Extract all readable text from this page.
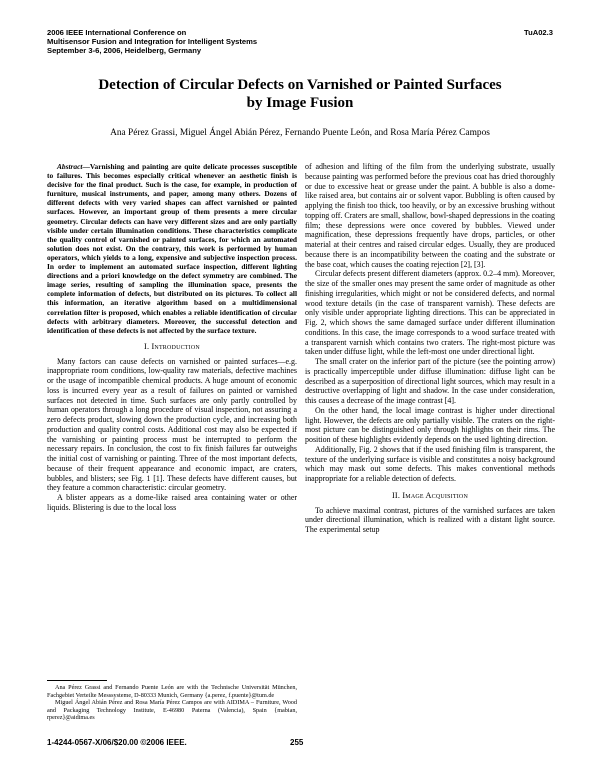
2006 IEEE International Conference on
Multisensor Fusion and Integration for Intelligent Systems
September 3-6, 2006, Heidelberg, Germany
TuA02.3
Detection of Circular Defects on Varnished or Painted Surfaces
by Image Fusion
Ana Pérez Grassi, Miguel Ángel Abián Pérez, Fernando Puente León, and Rosa María Pérez Campos

Abstract—Varnishing and painting are quite delicate processes susceptible to failures. This becomes especially critical whenever an aesthetic finish is decisive for the final product. Such is the case, for example, in production of furniture, musical instruments, and paper, among many others. Dozens of different defects with very varied shapes can affect varnished or painted surfaces. However, an important group of them presents a mere circular geometry. Circular defects can have very different sizes and are only partially visible under certain illumination conditions. These characteristics complicate the quality control of varnished or painted surfaces, for which an automated solution does not exist. On the contrary, this work is performed by human operators, which yields to a long, expensive and subjective inspection process. In order to implement an automated surface inspection, different lighting directions and a priori knowledge on the defect symmetry are combined. The image series, resulting of sampling the illumination space, presents the complete information of defects, but distributed on its pictures. To collect all this information, an iterative algorithm based on a multidimensional correlation filter is proposed, which enables a reliable identification of circular defects with arbitrary diameters. Moreover, the successful detection and identification of these defects is not affected by the surface texture.

I. Introduction

Many factors can cause defects on varnished or painted surfaces—e.g. inappropriate room conditions, low-quality raw materials, defective machines or the usage of incompatible chemical products. A huge amount of economic loss is incurred every year as a result of failures on painted or varnished surfaces not detected in time. Such surfaces are only partly controlled by human operators through a long procedure of visual inspection, not assuring a zero defects product, slowing down the production cycle, and increasing both production and quality control costs. Additional cost may also be expected if the varnishing or painting process must be interrupted to perform the necessary repairs. In conclusion, the cost to fix finish failures far outweighs the initial cost of varnishing or painting. Three of the most important defects, because of their frequent appearance and economic impact, are craters, bubbles, and blisters; see Fig. 1 [1]. These defects have different causes, but they feature a common characteristic: circular geometry.

A blister appears as a dome-like raised area containing water or other liquids. Blistering is due to the local loss

Ana Pérez Grassi and Fernando Puente León are with the Technische Universität München, Fachgebiet Verteilte Messsysteme, D-80333 Munich, Germany {a.perez, f.puente}@tum.de

Miguel Ángel Abián Pérez and Rosa María Pérez Campos are with AIDIMA – Furniture, Wood and Packaging Technology Institute, E-46980 Paterna (Valencia), Spain {mabian, rperez}@aidima.es

of adhesion and lifting of the film from the underlying substrate, usually because painting was performed before the previous coat has dried thoroughly or due to excessive heat or grease under the paint. A bubble is also a dome-like raised area, but contains air or solvent vapor. Bubbling is often caused by applying the finish too thick, too heavily, or by an excessive brushing without topping off. Craters are small, shallow, bowl-shaped depressions in the coating film; these depressions were once covered by bubbles. Viewed under magnification, these depressions frequently have drops, particles, or other material at their centres and raised circular edges. Usually, they are produced because there is an incompatibility between the coating and the substrate or the base coat, which causes the coating rejection [2], [3].

Circular defects present different diameters (approx. 0.2–4 mm). Moreover, the size of the smaller ones may present the same order of magnitude as other finishing irregularities, which might or not be considered defects, and normal wood texture details (in the case of transparent varnish). These defects are only visible under appropriate lighting directions. This can be appreciated in Fig. 2, which shows the same damaged surface under different illumination conditions. In this case, the image corresponds to a wood surface treated with a transparent varnish which contains two craters. The right-most picture was taken under diffuse light, while the left-most one under directional light.

The small crater on the inferior part of the picture (see the pointing arrow) is practically imperceptible under diffuse illumination: diffuse light can be described as a superposition of directional light sources, which may result in a destructive overlapping of light and shadow. In the case under consideration, this causes a decrease of the image contrast [4].

On the other hand, the local image contrast is higher under directional light. However, the defects are only partially visible. The craters on the right-most picture can be distinguished only through highlights on their rims. The position of these highlights evidently depends on the used lighting direction.

Additionally, Fig. 2 shows that if the used finishing film is transparent, the texture of the underlying surface is visible and constitutes a noisy background which may mask out some defects. This makes conventional methods inappropriate for a reliable detection of defects.

II. Image Acquisition

To achieve maximal contrast, pictures of the varnished surfaces are taken under directional illumination, which is realized with a distant light source. The experimental setup

1-4244-0567-X/06/$20.00 ©2006 IEEE.	255
